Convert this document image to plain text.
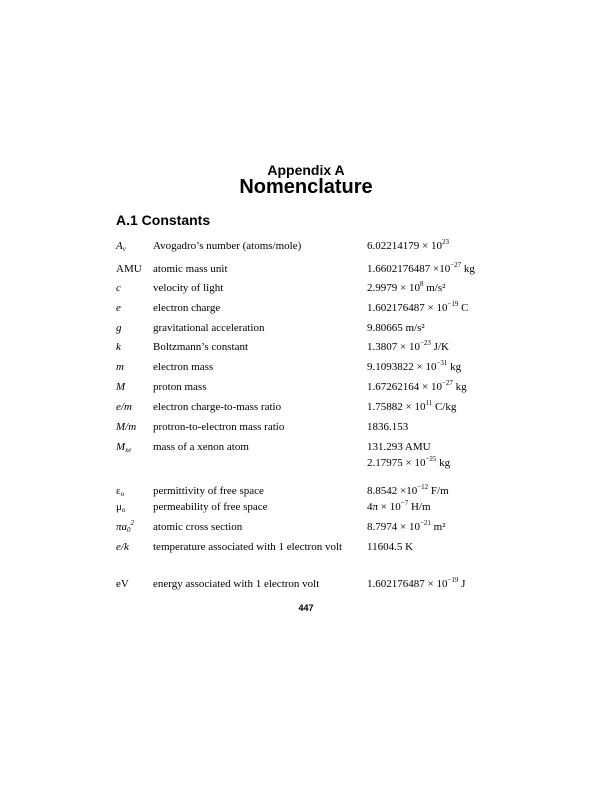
Appendix A
Nomenclature
A.1 Constants
$A_v$ Avogadro’s number (atoms/mole)	$6.02214179 \times 10^{23}$
AMU atomic mass unit	$1.6602176487 \times 10^{-27}$ kg
c	velocity of light	$2.9979 \times 10^8$ m/s²
e	electron charge	$1.602176487 \times 10^{-19}$ C
g	gravitational acceleration	9.80665 m/s²
k	Boltzmann’s constant	$1.3807 \times 10^{-23}$ J/K
m	electron mass	$9.1093822 \times 10^{-31}$ kg
M	proton mass	$1.67262164 \times 10^{-27}$ kg
e/m electron charge-to-mass ratio	$1.75882 \times 10^{11}$ C/kg
M/m protron-to-electron mass ratio	1836.153
$M_{xe}$ mass of a xenon atom	131.293 AMU
$2.17975 \times 10^{-25}$ kg
$\varepsilon_o$	permittivity of free space	$8.8542 \times 10^{-12}$ F/m
$\mu_o$	permeability of free space	$4\pi \times 10^{-7}$ H/m
$\pi a_0^2$ atomic cross section	$8.7974 \times 10^{-21}$ m²
e/k temperature associated with 1 electron volt 11604.5 K
eV energy associated with 1 electron volt	$1.602176487 \times 10^{-19}$ J
447
